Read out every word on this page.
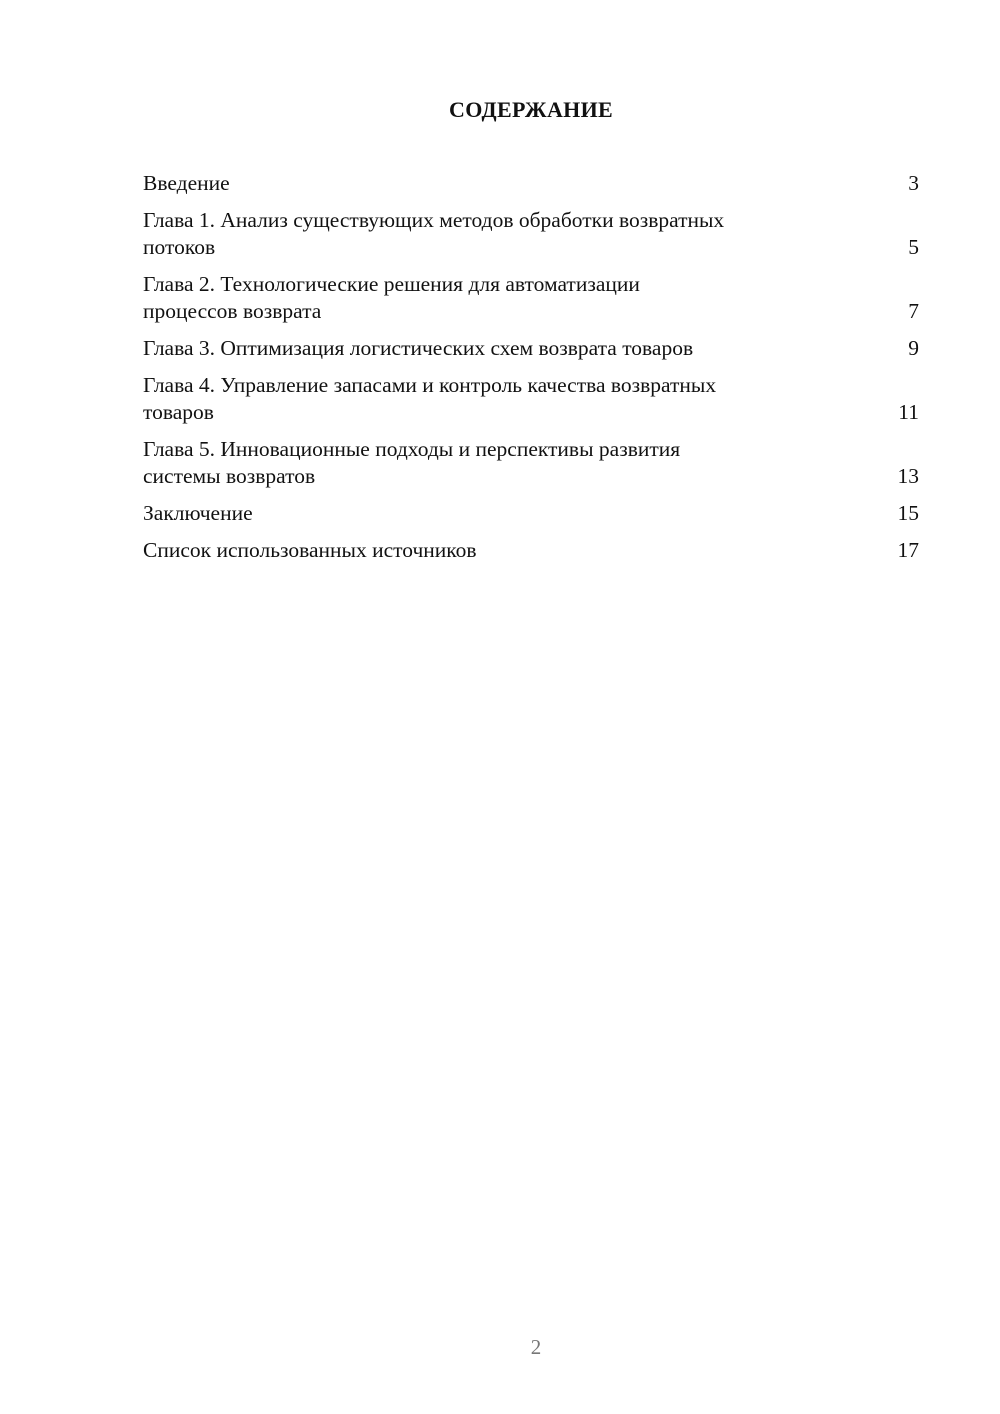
СОДЕРЖАНИЕ
Введение	3
Глава 1. Анализ существующих методов обработки возвратных
потоков	5
Глава 2. Технологические решения для автоматизации
процессов возврата	7
Глава 3. Оптимизация логистических схем возврата товаров	9
Глава 4. Управление запасами и контроль качества возвратных
товаров	11
Глава 5. Инновационные подходы и перспективы развития
системы возвратов	13
Заключение	15
Список использованных источников	17
2
